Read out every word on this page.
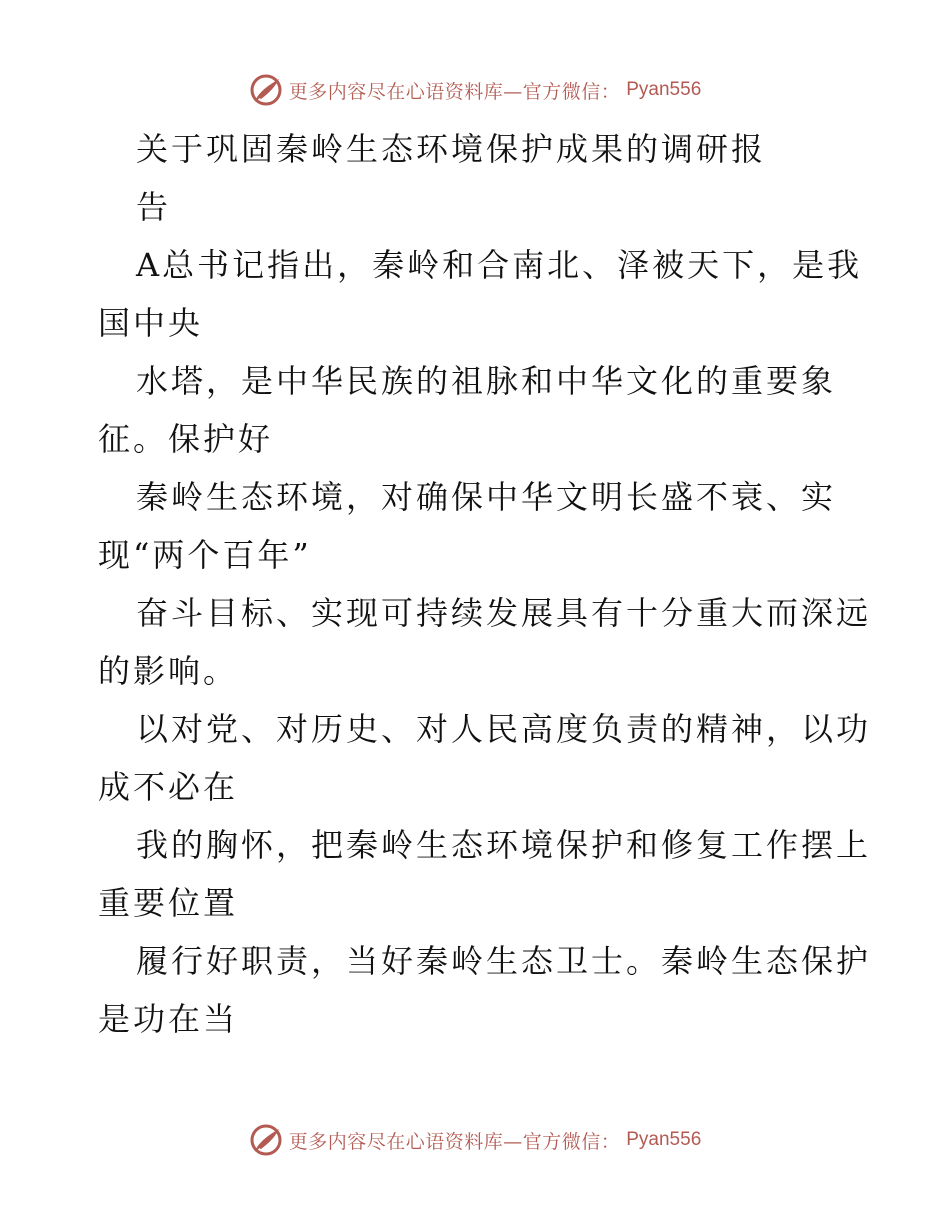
更多内容尽在心语资料库—官方微信： Pyan556
关于巩固秦岭生态环境保护成果的调研报
告
A总书记指出，秦岭和合南北、泽被天下，是我
国中央
水塔，是中华民族的祖脉和中华文化的重要象
征。保护好
秦岭生态环境，对确保中华文明长盛不衰、实
现“两个百年”
奋斗目标、实现可持续发展具有十分重大而深远
的影响。
以对党、对历史、对人民高度负责的精神，以功
成不必在
我的胸怀，把秦岭生态环境保护和修复工作摆上
重要位置
履行好职责，当好秦岭生态卫士。秦岭生态保护
是功在当
更多内容尽在心语资料库—官方微信： Pyan556
